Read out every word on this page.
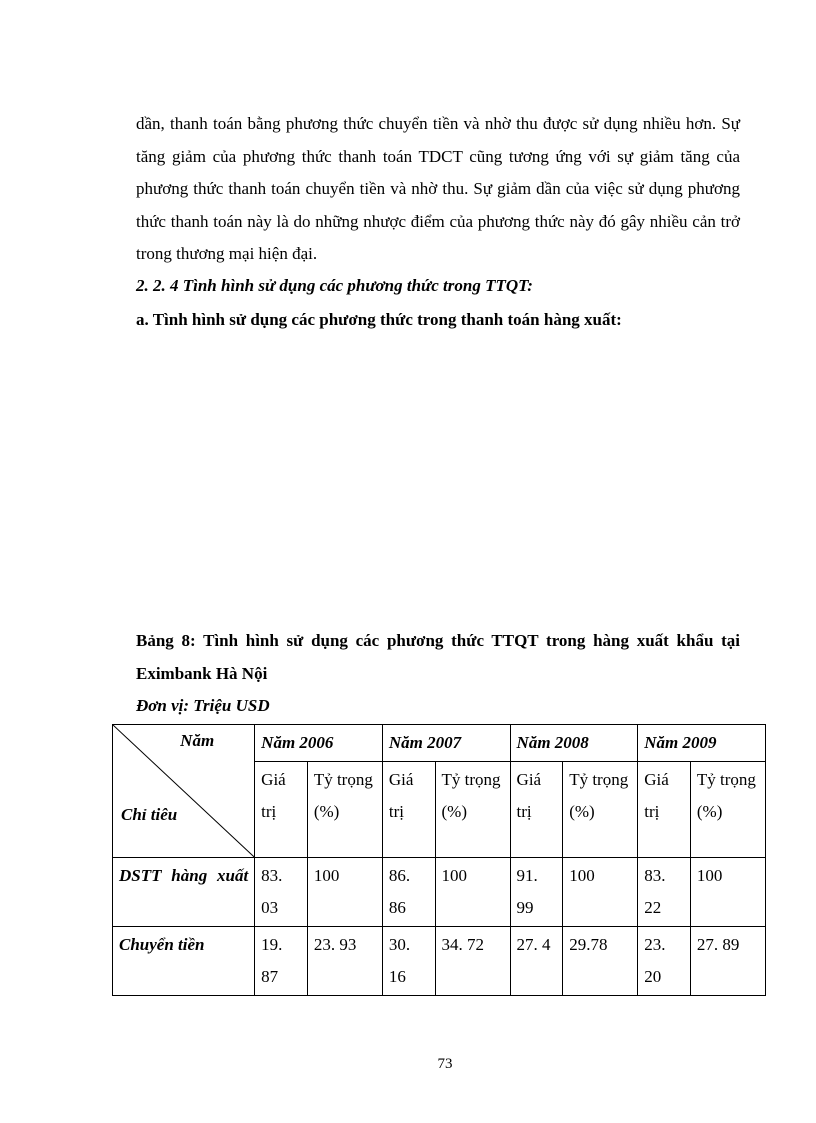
dần, thanh toán bằng phương thức chuyển tiền và nhờ thu được sử dụng nhiều hơn. Sự tăng giảm của phương thức thanh toán TDCT cũng tương ứng với sự giảm tăng của phương thức thanh toán chuyển tiền và nhờ thu. Sự giảm dần của việc sử dụng phương thức thanh toán này là do những nhược điểm của phương thức này đó gây nhiều cản trở trong thương mại hiện đại.

2. 2. 4 Tình hình sử dụng các phương thức trong TTQT:

a. Tình hình sử dụng các phương thức trong thanh toán hàng xuất:

Bảng 8: Tình hình sử dụng các phương thức TTQT trong hàng xuất khẩu tại Eximbank Hà Nội

Đơn vị: Triệu USD

Năm
Chỉ tiêu	Năm 2006		Năm 2007		Năm 2008		Năm 2009	
	Giá trị	Tỷ trọng (%)	Giá trị	Tỷ trọng (%)	Giá trị	Tỷ trọng (%)	Giá trị	Tỷ trọng (%)
DSTT hàng xuất	83. 03	100	86. 86	100	91. 99	100	83. 22	100
Chuyển tiền	19. 87	23. 93	30. 16	34. 72	27. 4	29.78	23. 20	27. 89
73
